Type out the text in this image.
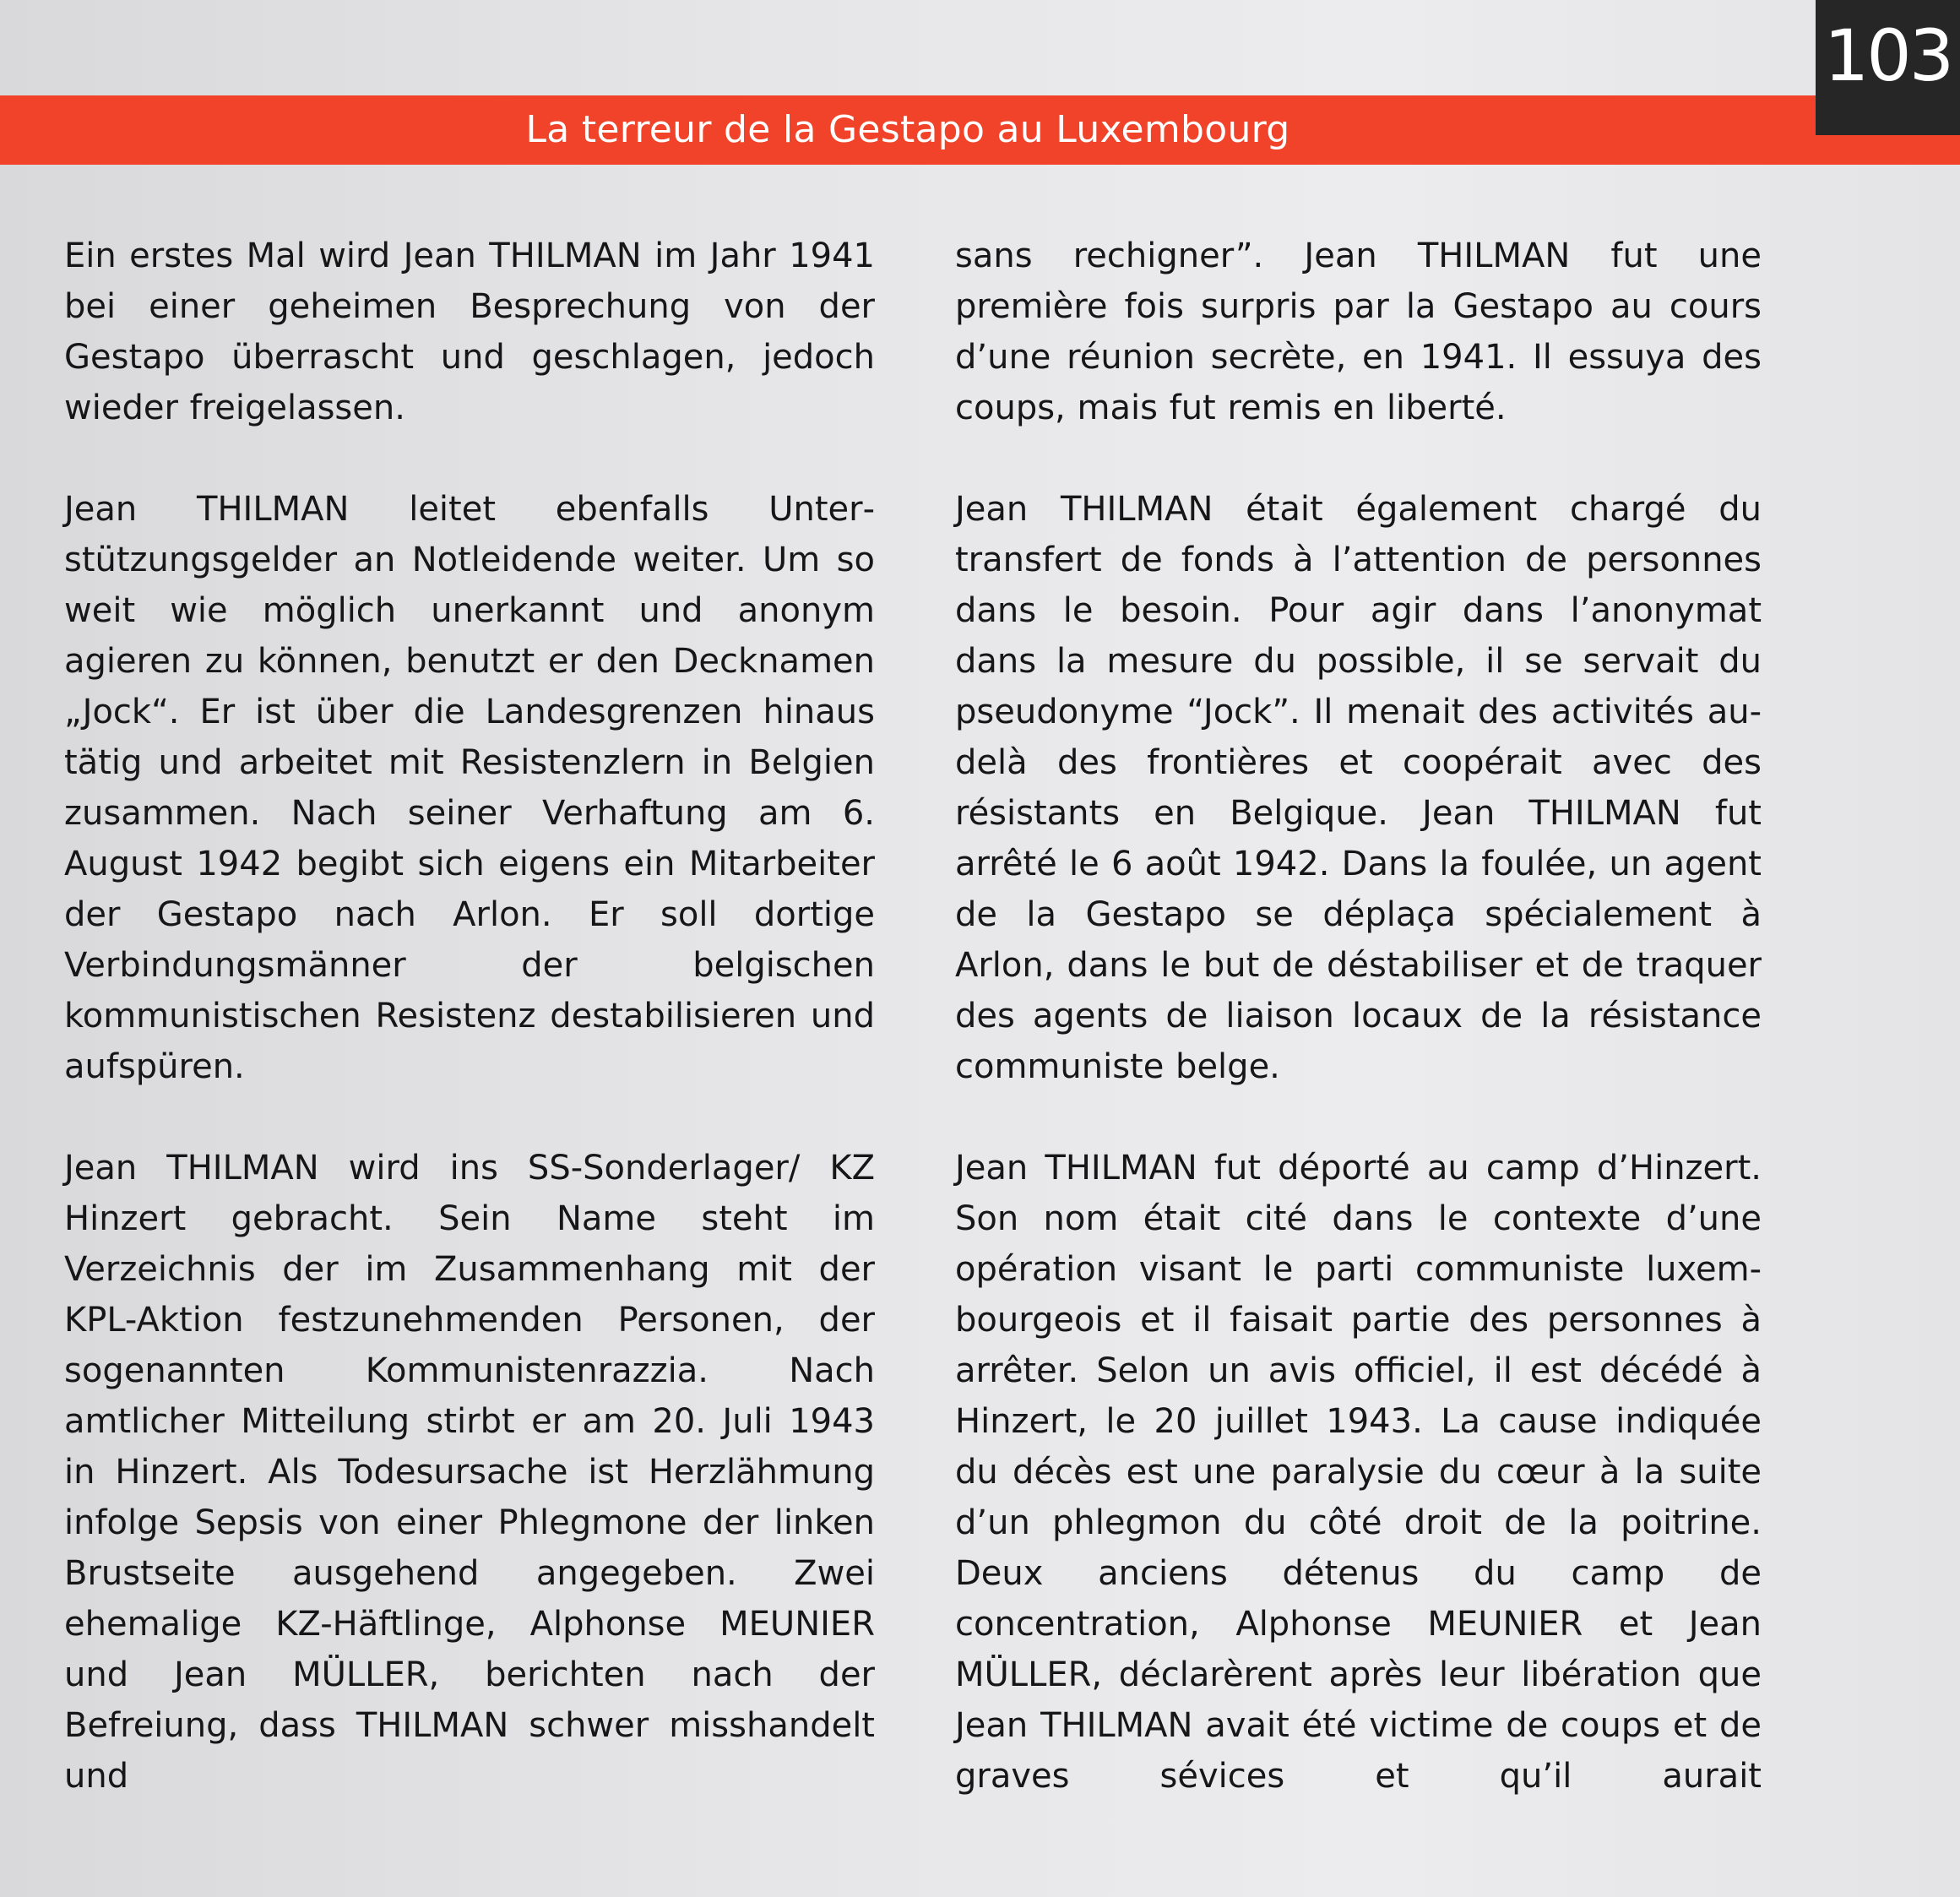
La terreur de la Gestapo au Luxembourg
103

Ein erstes Mal wird Jean THILMAN im Jahr 1941 bei einer geheimen Besprechung von der Gestapo überrascht und geschlagen, jedoch wieder freigelassen.

Jean THILMAN leitet ebenfalls Unterstützungsgelder an Notleidende weiter. Um so weit wie möglich unerkannt und anonym agieren zu können, benutzt er den Decknamen „Jock“. Er ist über die Landesgrenzen hinaus tätig und arbeitet mit Resistenzlern in Belgien zusammen. Nach seiner Verhaftung am 6. August 1942 begibt sich eigens ein Mitarbeiter der Gestapo nach Arlon. Er soll dortige Verbindungsmänner der belgischen kommunistischen Resistenz destabilisieren und aufspüren.

Jean THILMAN wird ins SS-Sonderlager/ KZ Hinzert gebracht. Sein Name steht im Verzeichnis der im Zusammenhang mit der KPL-Aktion festzunehmenden Personen, der sogenannten Kommunistenrazzia. Nach amtlicher Mitteilung stirbt er am 20. Juli 1943 in Hinzert. Als Todesursache ist Herzlähmung infolge Sepsis von einer Phlegmone der linken Brustseite ausgehend angegeben. Zwei ehemalige KZ-Häftlinge, Alphonse MEUNIER und Jean MÜLLER, berichten nach der Befreiung, dass THILMAN schwer misshandelt und

sans rechigner”. Jean THILMAN fut une première fois surpris par la Gestapo au cours d’une réunion secrète, en 1941. Il essuya des coups, mais fut remis en liberté.

Jean THILMAN était également chargé du transfert de fonds à l’attention de personnes dans le besoin. Pour agir dans l’anonymat dans la mesure du possible, il se servait du pseudonyme “Jock”. Il menait des activités au-delà des frontières et coopérait avec des résistants en Belgique. Jean THILMAN fut arrêté le 6 août 1942. Dans la foulée, un agent de la Gestapo se déplaça spécialement à Arlon, dans le but de déstabiliser et de traquer des agents de liaison locaux de la résistance communiste belge.

Jean THILMAN fut déporté au camp d’Hinzert. Son nom était cité dans le contexte d’une opération visant le parti communiste luxembourgeois et il faisait partie des personnes à arrêter. Selon un avis officiel, il est décédé à Hinzert, le 20 juillet 1943. La cause indiquée du décès est une paralysie du cœur à la suite d’un phlegmon du côté droit de la poitrine. Deux anciens détenus du camp de concentration, Alphonse MEUNIER et Jean MÜLLER, déclarèrent après leur libération que Jean THILMAN avait été victime de coups et de graves sévices et qu’il aurait
